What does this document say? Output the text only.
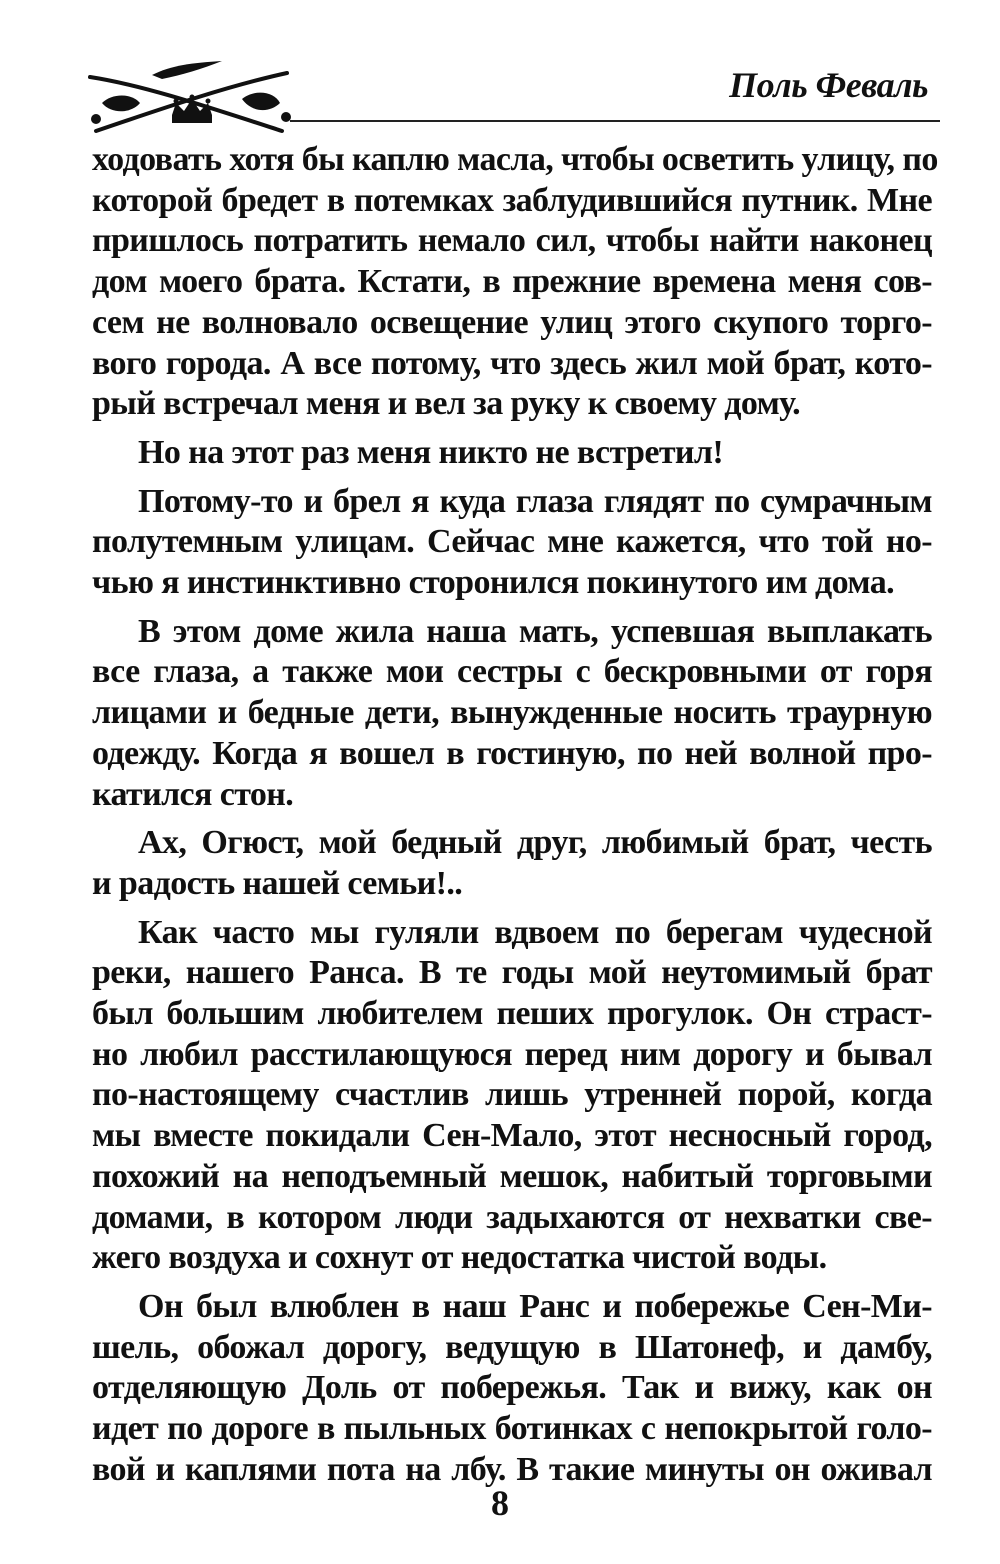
Поль Феваль

ходовать хотя бы каплю масла, чтобы осветить улицу, по
которой бредет в потемках заблудившийся путник. Мне
пришлось потратить немало сил, чтобы найти наконец
дом моего брата. Кстати, в прежние времена меня сов-
сем не волновало освещение улиц этого скупого торго-
вого города. А все потому, что здесь жил мой брат, кото-
рый встречал меня и вел за руку к своему дому.

Но на этот раз меня никто не встретил!

Потому-то и брел я куда глаза глядят по сумрачным
полутемным улицам. Сейчас мне кажется, что той но-
чью я инстинктивно сторонился покинутого им дома.

В этом доме жила наша мать, успевшая выплакать
все глаза, а также мои сестры с бескровными от горя
лицами и бедные дети, вынужденные носить траурную
одежду. Когда я вошел в гостиную, по ней волной про-
катился стон.

Ах, Огюст, мой бедный друг, любимый брат, честь
и радость нашей семьи!..

Как часто мы гуляли вдвоем по берегам чудесной
реки, нашего Ранса. В те годы мой неутомимый брат
был большим любителем пеших прогулок. Он страст-
но любил расстилающуюся перед ним дорогу и бывал
по-настоящему счастлив лишь утренней порой, когда
мы вместе покидали Сен-Мало, этот несносный город,
похожий на неподъемный мешок, набитый торговыми
домами, в котором люди задыхаются от нехватки све-
жего воздуха и сохнут от недостатка чистой воды.

Он был влюблен в наш Ранс и побережье Сен-Ми-
шель, обожал дорогу, ведущую в Шатонеф, и дамбу,
отделяющую Доль от побережья. Так и вижу, как он
идет по дороге в пыльных ботинках с непокрытой голо-
вой и каплями пота на лбу. В такие минуты он оживал

8
